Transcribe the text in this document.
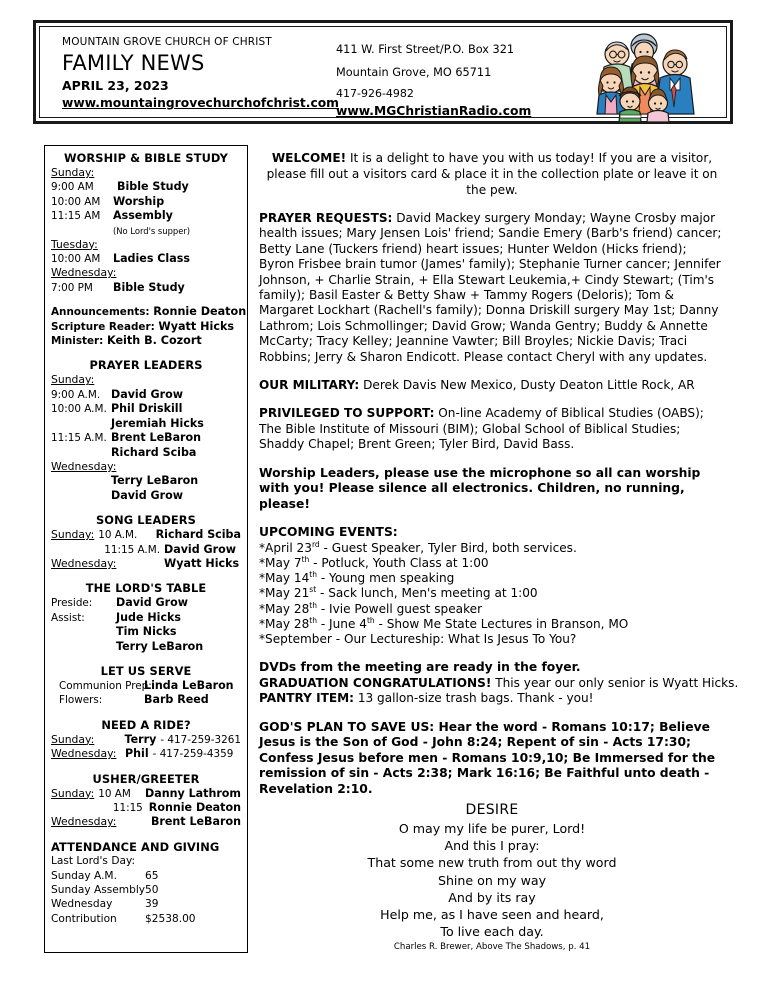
MOUNTAIN GROVE CHURCH OF CHRIST
FAMILY NEWS
APRIL 23, 2023
www.mountaingrovechurchofchrist.com
411 W. First Street/P.O. Box 321
Mountain Grove, MO 65711
417-926-4982
www.MGChristianRadio.com
WORSHIP & BIBLE STUDY
Sunday:
9:00 AM	Bible Study
10:00 AM	Worship
11:15 AM	Assembly
(No Lord's supper)
Tuesday:
10:00 AM	Ladies Class
Wednesday:
7:00 PM	Bible Study
Announcements: Ronnie Deaton
Scripture Reader: Wyatt Hicks
Minister: Keith B. Cozort
PRAYER LEADERS
Sunday:
9:00 A.M. David Grow
10:00 A.M. Phil Driskill
Jeremiah Hicks
11:15 A.M. Brent LeBaron
Richard Sciba
Wednesday:
Terry LeBaron
David Grow
SONG LEADERS
Sunday: 10 A.M.	Richard Sciba
11:15 A.M. David Grow
Wednesday:	Wyatt Hicks
THE LORD'S TABLE
Preside:	David Grow
Assist:	Jude Hicks
Tim Nicks
Terry LeBaron
LET US SERVE
Communion Prep:
Linda LeBaron
Flowers:	Barb Reed
NEED A RIDE?
Sunday:	Terry - 417-259-3261
Wednesday: Phil - 417-259-4359
USHER/GREETER
Sunday: 10 AM	Danny Lathrom
11:15 Ronnie Deaton
Wednesday:	Brent LeBaron
ATTENDANCE AND GIVING
Last Lord's Day:
Sunday A.M.	65
Sunday Assembly 50
Wednesday	39
Contribution	$2538.00
WELCOME! It is a delight to have you with us today! If you are a visitor, please fill out a visitors card & place it in the collection plate or leave it on the pew.
PRAYER REQUESTS: David Mackey surgery Monday; Wayne Crosby major health issues; Mary Jensen Lois' friend; Sandie Emery (Barb's friend) cancer; Betty Lane (Tuckers friend) heart issues; Hunter Weldon (Hicks friend); Byron Frisbee brain tumor (James' family); Stephanie Turner cancer; Jennifer Johnson, + Charlie Strain, + Ella Stewart Leukemia,+ Cindy Stewart; (Tim's family); Basil Easter & Betty Shaw + Tammy Rogers (Deloris); Tom & Margaret Lockhart (Rachell's family); Donna Driskill surgery May 1st; Danny Lathrom; Lois Schmollinger; David Grow; Wanda Gentry; Buddy & Annette McCarty; Tracy Kelley; Jeannine Vawter; Bill Broyles; Nickie Davis; Traci Robbins; Jerry & Sharon Endicott. Please contact Cheryl with any updates.
OUR MILITARY: Derek Davis New Mexico, Dusty Deaton Little Rock, AR
PRIVILEGED TO SUPPORT: On-line Academy of Biblical Studies (OABS); The Bible Institute of Missouri (BIM); Global School of Biblical Studies; Shaddy Chapel; Brent Green; Tyler Bird, David Bass.
Worship Leaders, please use the microphone so all can worship with you! Please silence all electronics. Children, no running, please!
UPCOMING EVENTS:
*April 23rd - Guest Speaker, Tyler Bird, both services.
*May 7th - Potluck, Youth Class at 1:00
*May 14th - Young men speaking
*May 21st - Sack lunch, Men's meeting at 1:00
*May 28th - Ivie Powell guest speaker
*May 28th - June 4th - Show Me State Lectures in Branson, MO
*September - Our Lectureship: What Is Jesus To You?
DVDs from the meeting are ready in the foyer.
GRADUATION CONGRATULATIONS! This year our only senior is Wyatt Hicks.
PANTRY ITEM: 13 gallon-size trash bags. Thank - you!
GOD'S PLAN TO SAVE US: Hear the word - Romans 10:17; Believe Jesus is the Son of God - John 8:24; Repent of sin - Acts 17:30; Confess Jesus before men - Romans 10:9,10; Be Immersed for the remission of sin - Acts 2:38; Mark 16:16; Be Faithful unto death - Revelation 2:10.
DESIRE
O may my life be purer, Lord!
And this I pray:
That some new truth from out thy word
Shine on my way
And by its ray
Help me, as I have seen and heard,
To live each day.
Charles R. Brewer, Above The Shadows, p. 41
